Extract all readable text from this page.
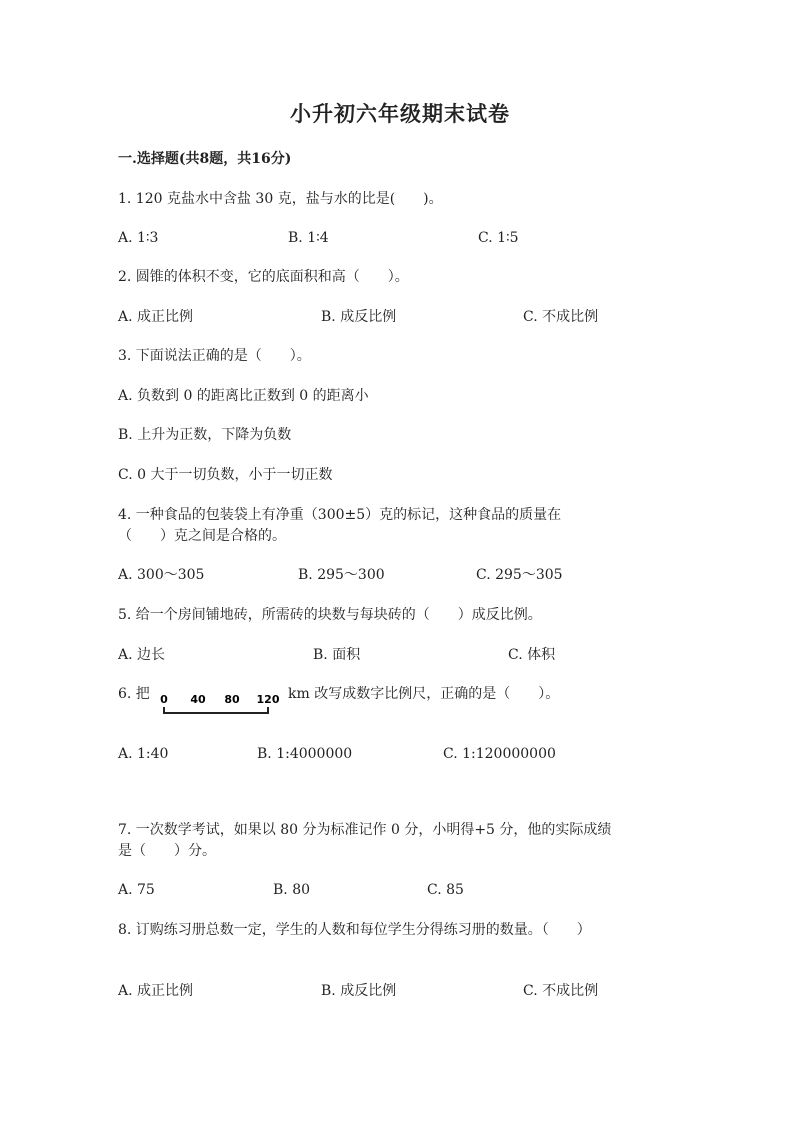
小升初六年级期末试卷
一.选择题(共8题，共16分)
1. 120 克盐水中含盐 30 克，盐与水的比是(　　)。
A. 1∶3	B. 1∶4	C. 1∶5
2. 圆锥的体积不变，它的底面积和高（　　）。
A. 成正比例	B. 成反比例	C. 不成比例
3. 下面说法正确的是（　　）。
A. 负数到 0 的距离比正数到 0 的距离小
B. 上升为正数，下降为负数
C. 0 大于一切负数，小于一切正数
4. 一种食品的包装袋上有净重（300±5）克的标记，这种食品的质量在
（　　）克之间是合格的。
A. 300～305	B. 295～300	C. 295～305
5. 给一个房间铺地砖，所需砖的块数与每块砖的（　　）成反比例。
A. 边长	B. 面积	C. 体积
6. 把 0 40 80 120 km 改写成数字比例尺，正确的是（　　）。
A. 1:40	B. 1:4000000	C. 1:120000000
7. 一次数学考试，如果以 80 分为标准记作 0 分，小明得+5 分，他的实际成绩
是（　　）分。
A. 75	B. 80	C. 85
8. 订购练习册总数一定，学生的人数和每位学生分得练习册的数量。（　　）
A. 成正比例	B. 成反比例	C. 不成比例
